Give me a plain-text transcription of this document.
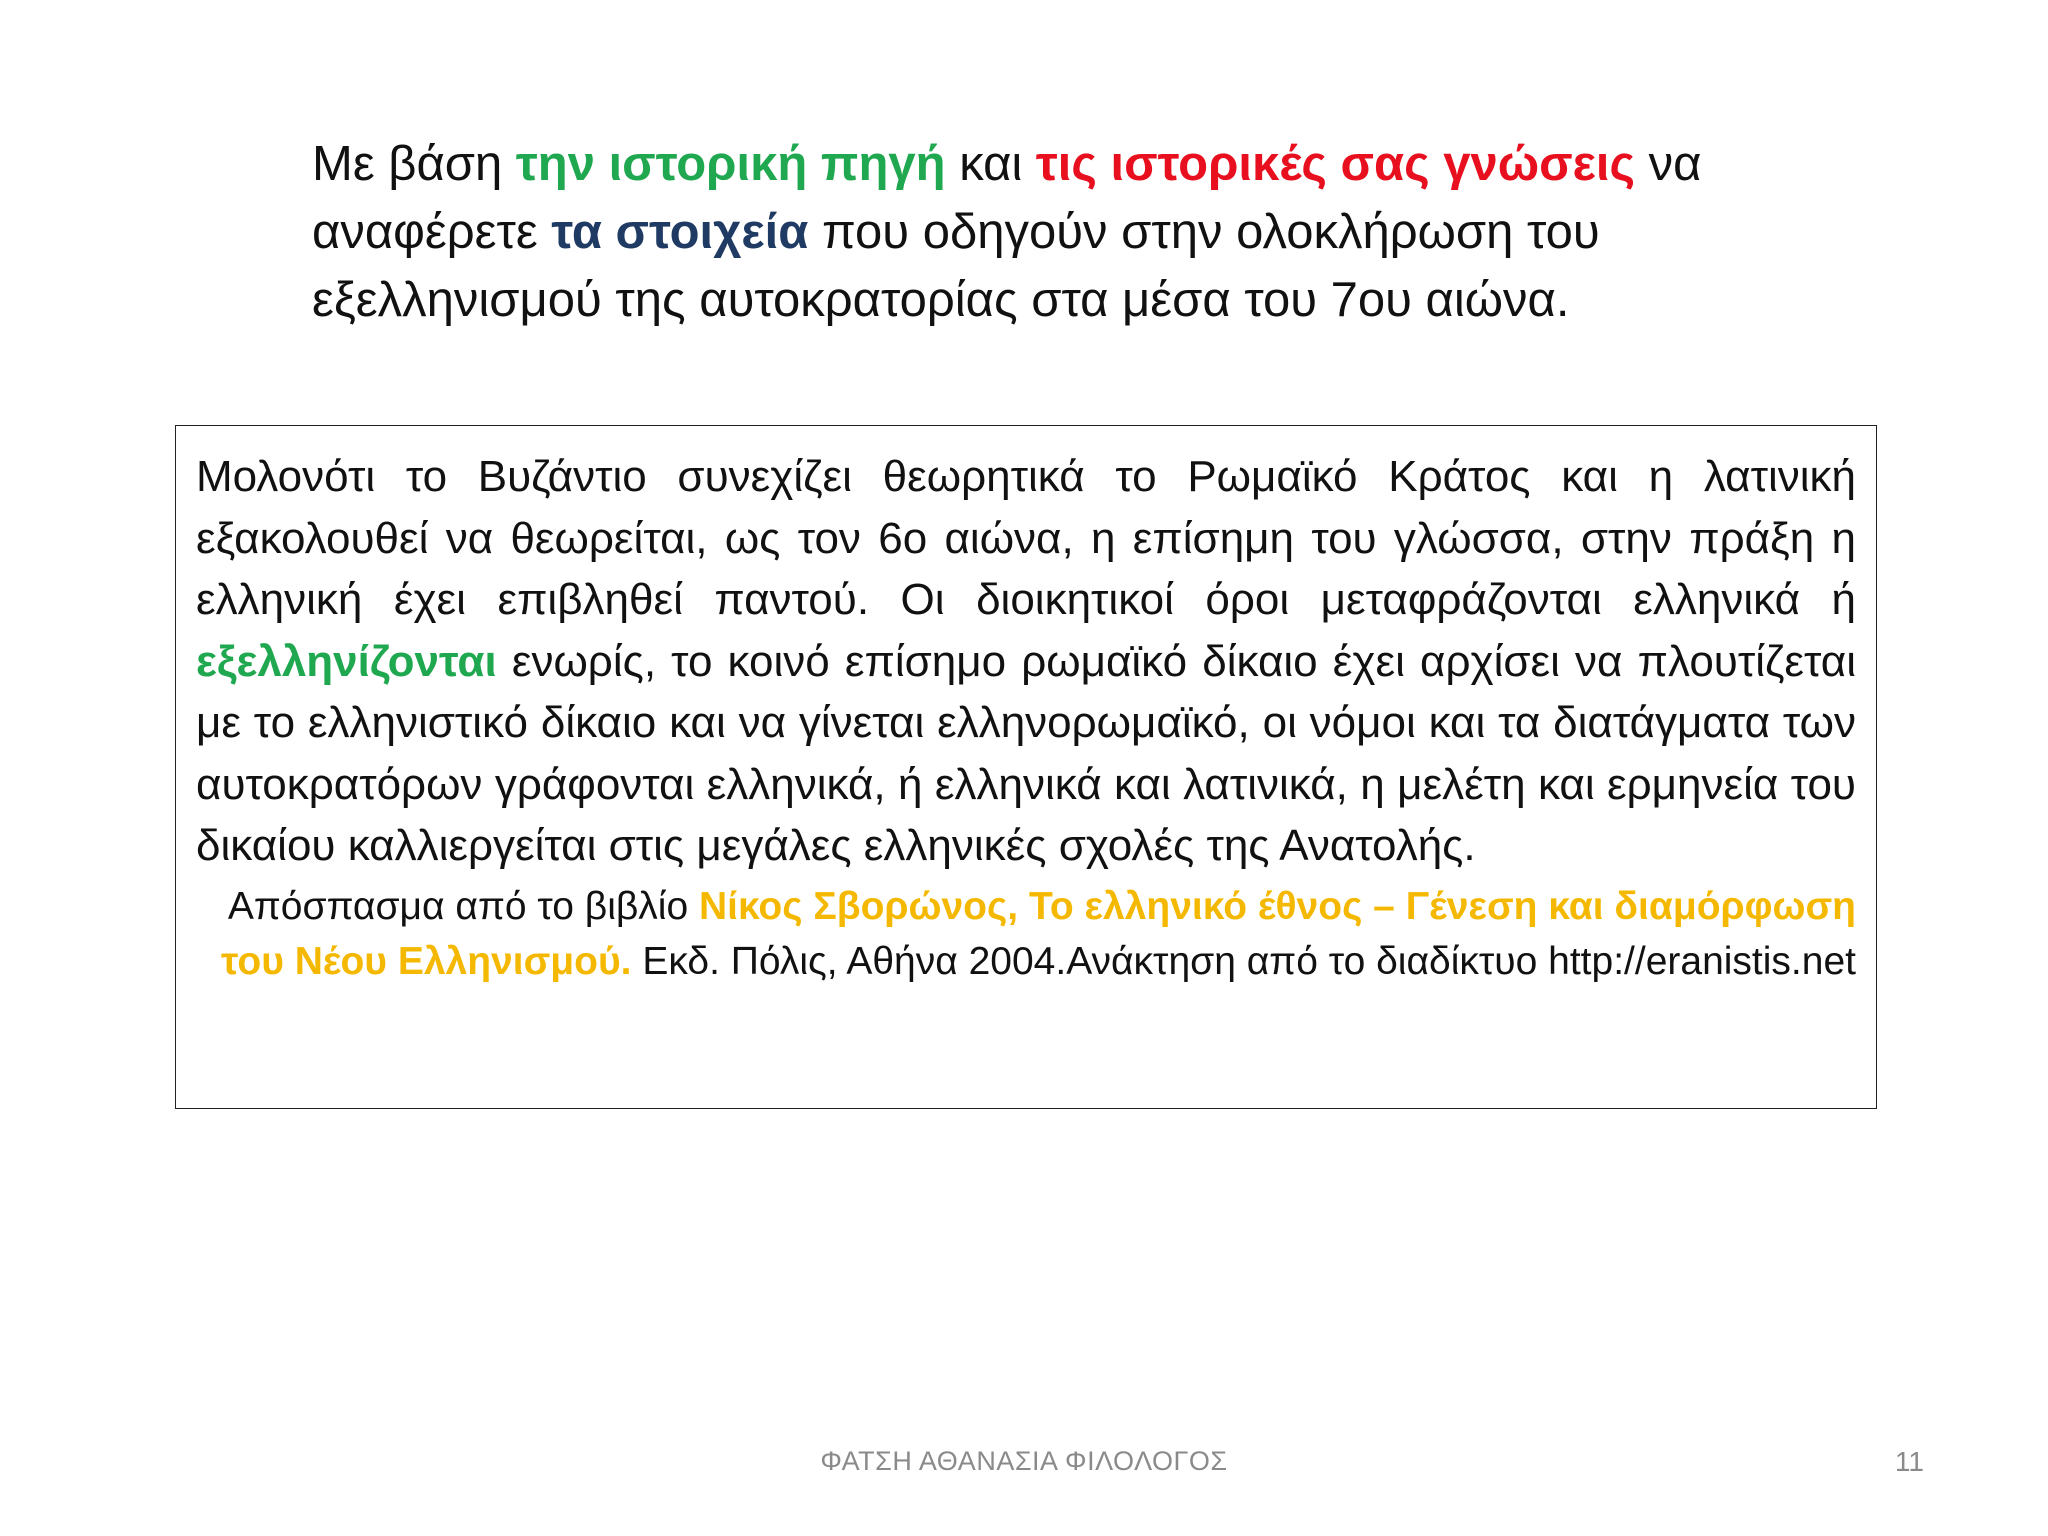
Με βάση την ιστορική πηγή και τις ιστορικές σας γνώσεις να αναφέρετε τα στοιχεία που οδηγούν στην ολοκλήρωση του εξελληνισμού της αυτοκρατορίας στα μέσα του 7ου αιώνα.

Μολονότι το Βυζάντιο συνεχίζει θεωρητικά το Ρωμαϊκό Κράτος και η λατινική εξακολουθεί να θεωρείται, ως τον 6ο αιώνα, η επίσημη του γλώσσα, στην πράξη η ελληνική έχει επιβληθεί παντού. Οι διοικητικοί όροι μεταφράζονται ελληνικά ή εξελληνίζονται ενωρίς, το κοινό επίσημο ρωμαϊκό δίκαιο έχει αρχίσει να πλουτίζεται με το ελληνιστικό δίκαιο και να γίνεται ελληνορωμαϊκό, οι νόμοι και τα διατάγματα των αυτοκρατόρων γράφονται ελληνικά, ή ελληνικά και λατινικά, η μελέτη και ερμηνεία του δικαίου καλλιεργείται στις μεγάλες ελληνικές σχολές της Ανατολής.

Απόσπασμα από το βιβλίο Νίκος Σβορώνος, Το ελληνικό έθνος – Γένεση και διαμόρφωση του Νέου Ελληνισμού. Εκδ. Πόλις, Αθήνα 2004.Ανάκτηση από το διαδίκτυο http://eranistis.net

ΦΑΤΣΗ ΑΘΑΝΑΣΙΑ ΦΙΛΟΛΟΓΟΣ	11
